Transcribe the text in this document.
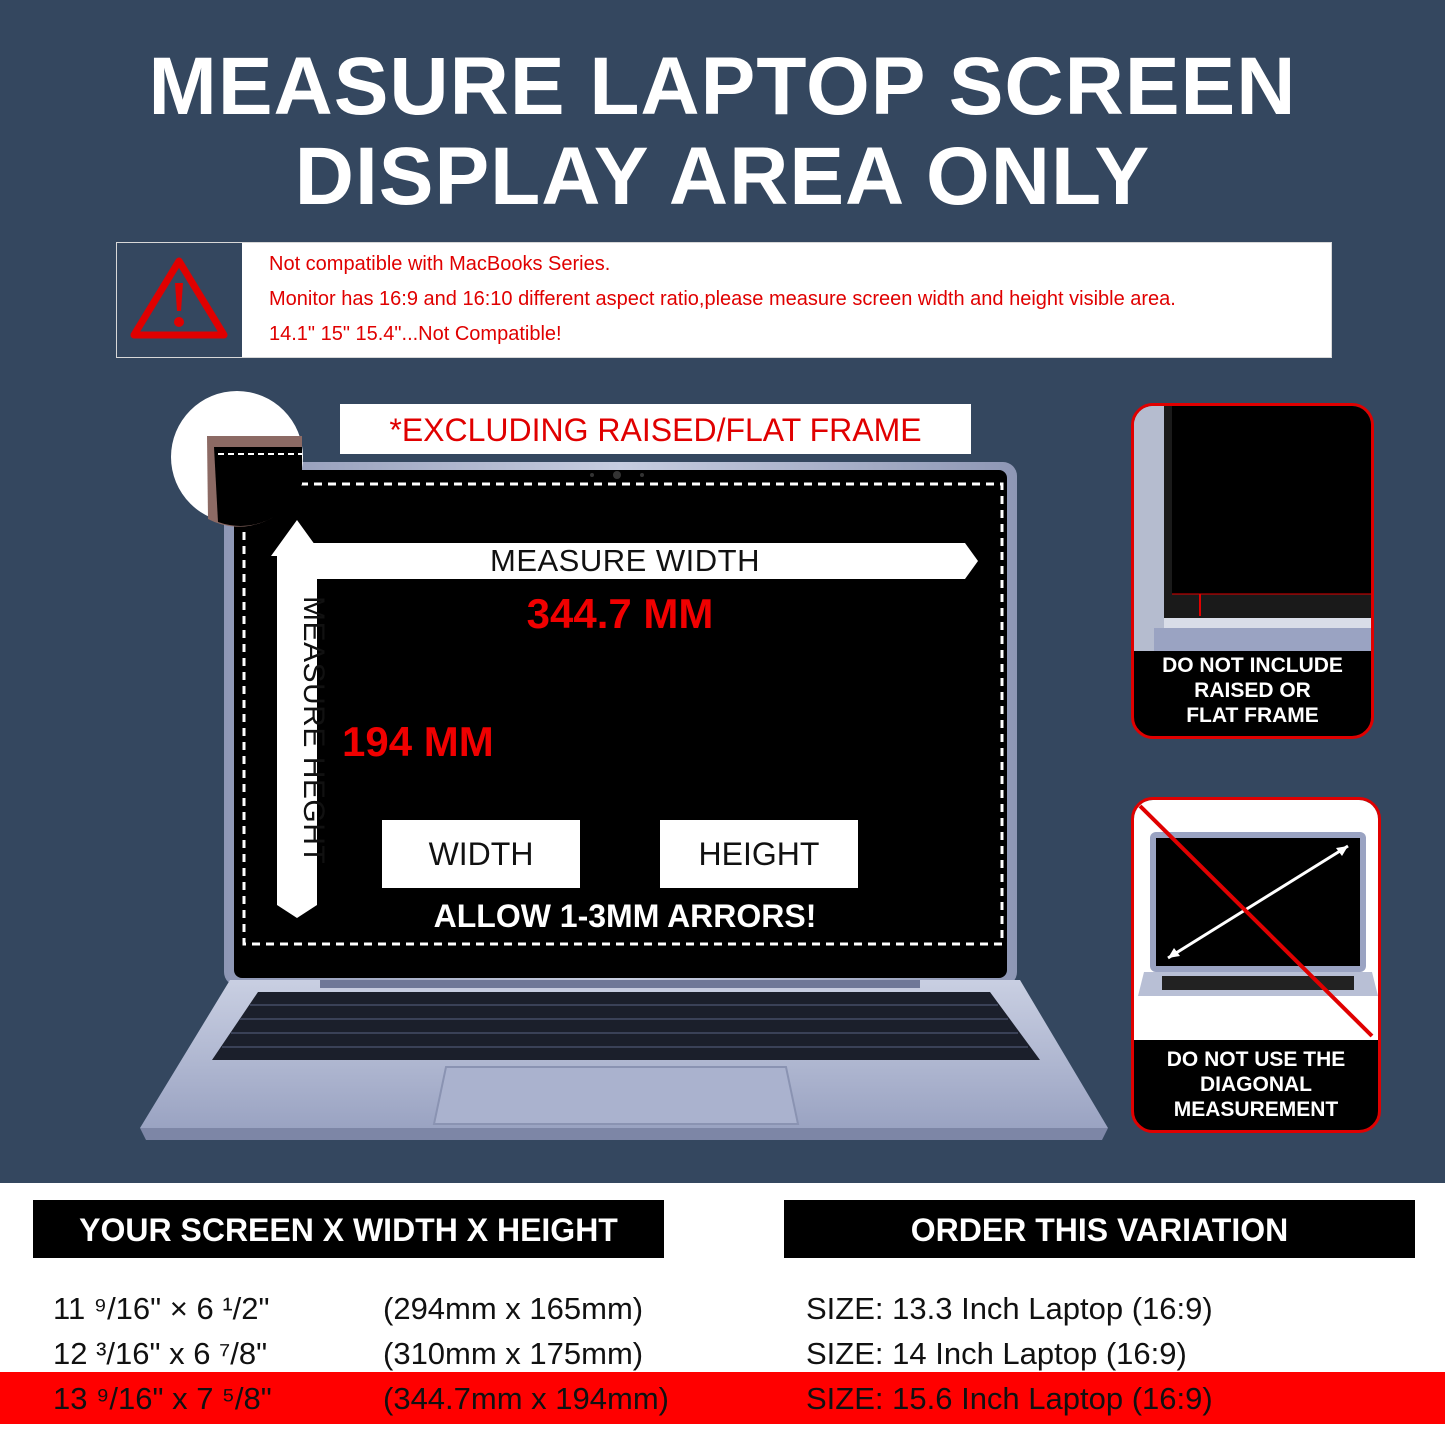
MEASURE LAPTOP SCREEN
DISPLAY AREA ONLY
Not compatible with MacBooks Series.
Monitor has 16:9 and 16:10 different aspect ratio,please measure screen width and height visible area.
14.1" 15" 15.4"...Not Compatible!
*EXCLUDING RAISED/FLAT FRAME
MEASURE WIDTH
344.7 MM
MEASURE HEGHT 194 MM
WIDTH	HEIGHT
ALLOW 1-3MM ARRORS!
DO NOT INCLUDE
RAISED OR
FLAT FRAME
DO NOT USE THE
DIAGONAL
MEASUREMENT
YOUR SCREEN X WIDTH X HEIGHT	ORDER THIS VARIATION
11 ⁹/16" × 6 ¹/2"	(294mm x 165mm)	SIZE: 13.3 Inch Laptop (16:9)
12 ³/16" x 6 ⁷/8"	(310mm x 175mm)	SIZE: 14 Inch Laptop (16:9)
13 ⁹/16" x 7 ⁵/8"	(344.7mm x 194mm)	SIZE: 15.6 Inch Laptop (16:9)
